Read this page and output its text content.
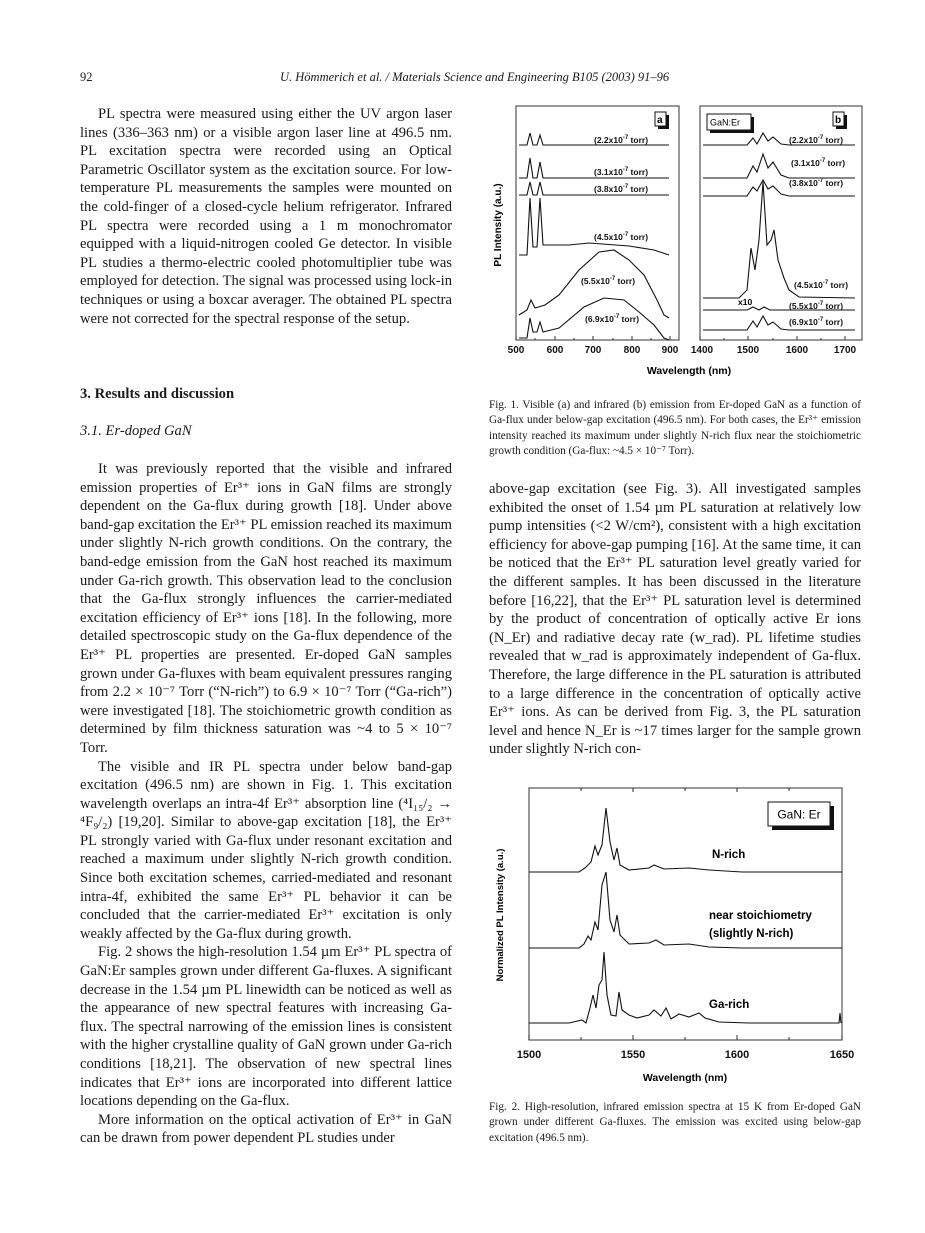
92	U. Hömmerich et al. / Materials Science and Engineering B105 (2003) 91–96

PL spectra were measured using either the UV argon laser lines (336–363 nm) or a visible argon laser line at 496.5 nm. PL excitation spectra were recorded using an Optical Parametric Oscillator system as the excitation source. For low-temperature PL measurements the samples were mounted on the cold-finger of a closed-cycle helium refrigerator. Infrared PL spectra were recorded using a 1 m monochromator equipped with a liquid-nitrogen cooled Ge detector. In visible PL studies a thermo-electric cooled photomultiplier tube was employed for detection. The signal was processed using lock-in techniques or using a boxcar averager. The obtained PL spectra were not corrected for the spectral response of the setup.

3. Results and discussion
3.1. Er-doped GaN

It was previously reported that the visible and infrared emission properties of Er³⁺ ions in GaN films are strongly dependent on the Ga-flux during growth [18]. Under above band-gap excitation the Er³⁺ PL emission reached its maximum under slightly N-rich growth conditions. On the contrary, the band-edge emission from the GaN host reached its maximum under Ga-rich growth. This observation lead to the conclusion that the Ga-flux strongly influences the carrier-mediated excitation efficiency of Er³⁺ ions [18]. In the following, more detailed spectroscopic study on the Ga-flux dependence of the Er³⁺ PL properties are presented. Er-doped GaN samples grown under Ga-fluxes with beam equivalent pressures ranging from 2.2 × 10⁻⁷ Torr (“N-rich”) to 6.9 × 10⁻⁷ Torr (“Ga-rich”) were investigated [18]. The stoichiometric growth condition as determined by film thickness saturation was ~4 to 5 × 10⁻⁷ Torr.

The visible and IR PL spectra under below band-gap excitation (496.5 nm) are shown in Fig. 1. This excitation wavelength overlaps an intra-4f Er³⁺ absorption line (⁴I₁₅/₂ → ⁴F₉/₂) [19,20]. Similar to above-gap excitation [18], the Er³⁺ PL strongly varied with Ga-flux under resonant excitation and reached a maximum under slightly N-rich growth condition. Since both excitation schemes, carried-mediated and resonant intra-4f, exhibited the same Er³⁺ PL behavior it can be concluded that the carrier-mediated Er³⁺ excitation is only weakly affected by the Ga-flux during growth.

Fig. 2 shows the high-resolution 1.54 µm Er³⁺ PL spectra of GaN:Er samples grown under different Ga-fluxes. A significant decrease in the 1.54 µm PL linewidth can be noticed as well as the appearance of new spectral features with increasing Ga-flux. The spectral narrowing of the emission lines is consistent with the higher crystalline quality of GaN grown under Ga-rich conditions [18,21]. The observation of new spectral lines indicates that Er³⁺ ions are incorporated into different lattice locations depending on the Ga-flux.

More information on the optical activation of Er³⁺ in GaN can be drawn from power dependent PL studies under

($2.2x10^{-7}$ torr)
($3.1x10^{-7}$ torr)
($3.8x10^{-7}$ torr)
($4.5x10^{-7}$ torr)
($5.5x10^{-7}$ torr)
($6.9x10^{-7}$ torr)
($2.2x10^{-7}$ torr)
($3.1x10^{-7}$ torr)
($3.8x10^{-7}$ torr)
($4.5x10^{-7}$ torr)
($5.5x10^{-7}$ torr)
($6.9x10^{-7}$ torr)
a	b
GaN:Er
x10
PL Intensity (a.u.)
500 600 700 800 900 1400 1500	1600	1700
Wavelength (nm)
Fig. 1. Visible (a) and infrared (b) emission from Er-doped GaN as a function of Ga-flux under below-gap excitation (496.5 nm). For both cases, the Er³⁺ emission intensity reached its maximum under slightly N-rich flux near the stoichiometric growth condition (Ga-flux: ~4.5 × 10⁻⁷ Torr).

above-gap excitation (see Fig. 3). All investigated samples exhibited the onset of 1.54 µm PL saturation at relatively low pump intensities (<2 W/cm²), consistent with a high excitation efficiency for above-gap pumping [16]. At the same time, it can be noticed that the Er³⁺ PL saturation level greatly varied for the different samples. It has been discussed in the literature before [16,22], that the Er³⁺ PL saturation level is determined by the product of concentration of optically active Er ions (N_Er) and radiative decay rate (w_rad). PL lifetime studies revealed that w_rad is approximately independent of Ga-flux. Therefore, the large difference in the PL saturation is attributed to a large difference in the concentration of optically active Er³⁺ ions. As can be derived from Fig. 3, the PL saturation level and hence N_Er is ~17 times larger for the sample grown under slightly N-rich con-

GaN: Er
N-rich
near stoichiometry
(slightly N-rich)
Ga-rich
Normalized PL Intensity (a.u.)
1500	1550	1600	1650
Wavelength (nm)
Fig. 2. High-resolution, infrared emission spectra at 15 K from Er-doped GaN grown under different Ga-fluxes. The emission was excited using below-gap excitation (496.5 nm).
